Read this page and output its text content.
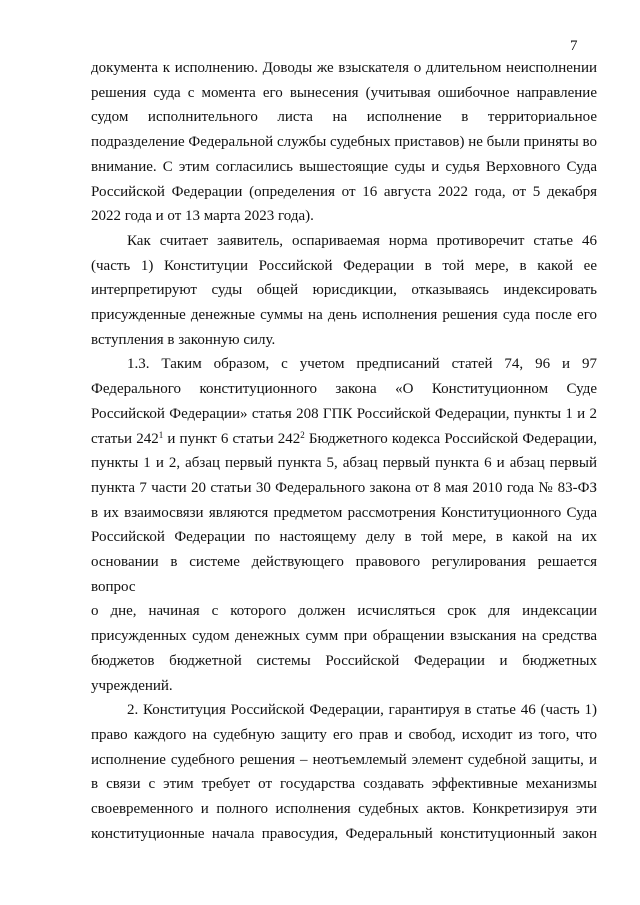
7

документа к исполнению. Доводы же взыскателя о длительном неисполнении

решения суда с момента его вынесения (учитывая ошибочное направление

судом исполнительного листа на исполнение в территориальное

подразделение Федеральной службы судебных приставов) не были приняты во

внимание. С этим согласились вышестоящие суды и судья Верховного Суда

Российской Федерации (определения от 16 августа 2022 года, от 5 декабря

2022 года и от 13 марта 2023 года).

Как считает заявитель, оспариваемая норма противоречит статье 46

(часть 1) Конституции Российской Федерации в той мере, в какой ее

интерпретируют суды общей юрисдикции, отказываясь индексировать

присужденные денежные суммы на день исполнения решения суда после его

вступления в законную силу.

1.3. Таким образом, с учетом предписаний статей 74, 96 и 97

Федерального конституционного закона «О Конституционном Суде

Российской Федерации» статья 208 ГПК Российской Федерации, пункты 1 и 2

статьи $242^1$ и пункт 6 статьи $242^2$ Бюджетного кодекса Российской Федерации,

пункты 1 и 2, абзац первый пункта 5, абзац первый пункта 6 и абзац первый

пункта 7 части 20 статьи 30 Федерального закона от 8 мая 2010 года № 83-ФЗ

в их взаимосвязи являются предметом рассмотрения Конституционного Суда

Российской Федерации по настоящему делу в той мере, в какой на их

основании в системе действующего правового регулирования решается вопрос

о дне, начиная с которого должен исчисляться срок для индексации

присужденных судом денежных сумм при обращении взыскания на средства

бюджетов бюджетной системы Российской Федерации и бюджетных

учреждений.

2. Конституция Российской Федерации, гарантируя в статье 46 (часть 1)

право каждого на судебную защиту его прав и свобод, исходит из того, что

исполнение судебного решения – неотъемлемый элемент судебной защиты, и

в связи с этим требует от государства создавать эффективные механизмы

своевременного и полного исполнения судебных актов. Конкретизируя эти

конституционные начала правосудия, Федеральный конституционный закон
